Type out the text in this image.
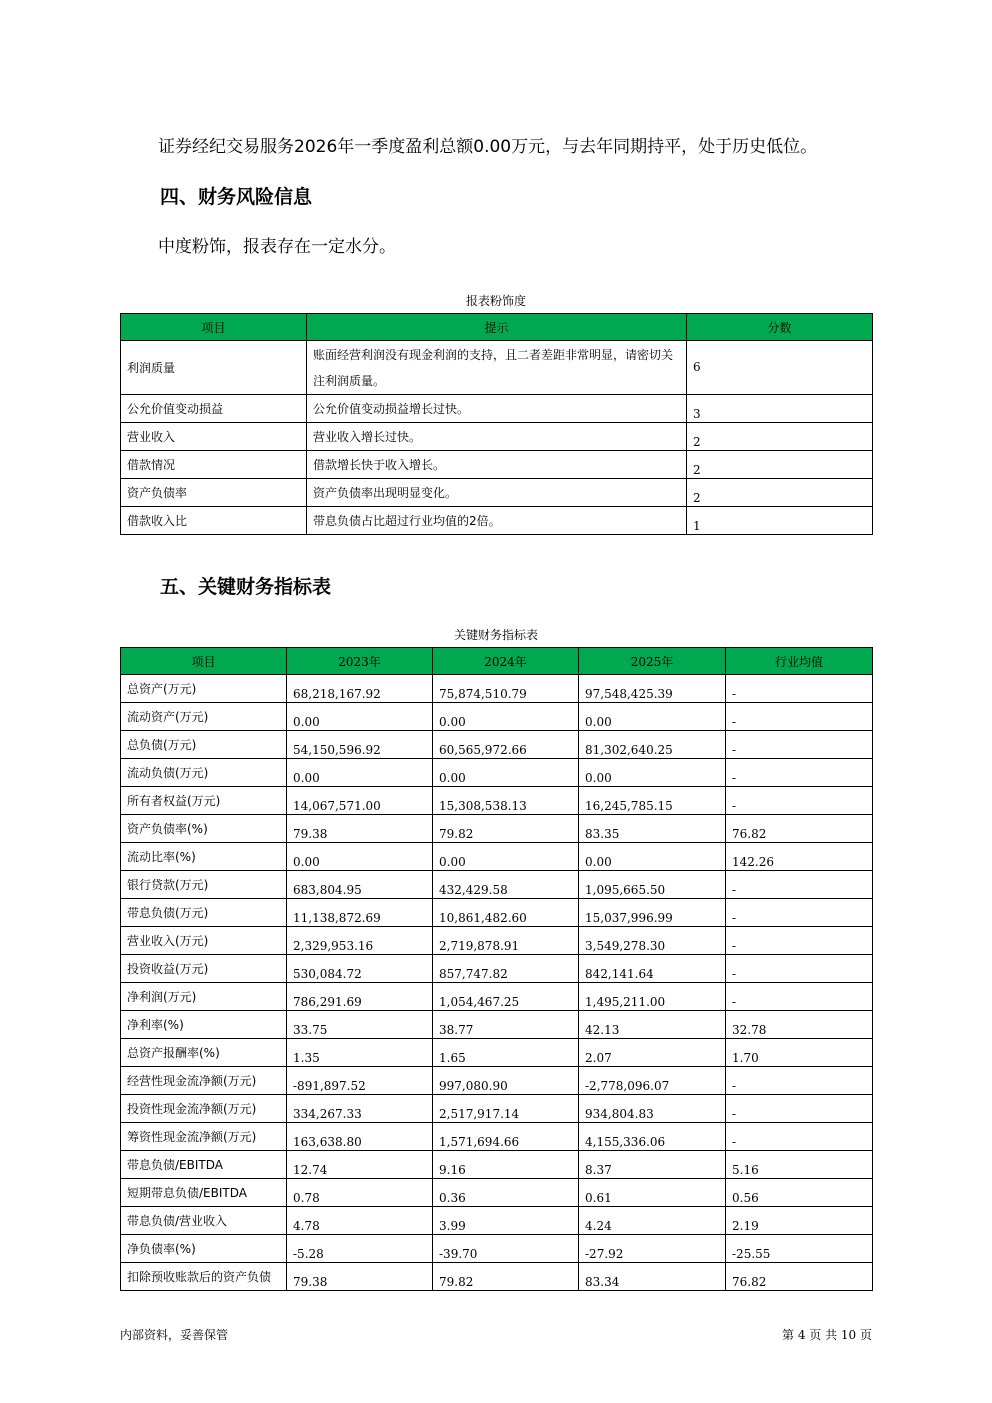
证券经纪交易服务2026年一季度盈利总额0.00万元，与去年同期持平，处于历史低位。
四、财务风险信息
中度粉饰，报表存在一定水分。
报表粉饰度
项目	提示	分数
利润质量	账面经营利润没有现金利润的支持，且二者差距非常明显，请密切关注利润质量。	6
公允价值变动损益	公允价值变动损益增长过快。	3
营业收入	营业收入增长过快。	2
借款情况	借款增长快于收入增长。	2
资产负债率	资产负债率出现明显变化。	2
借款收入比	带息负债占比超过行业均值的2倍。	1
五、关键财务指标表
关键财务指标表
项目	2023年	2024年	2025年	行业均值
总资产(万元)	68,218,167.92	75,874,510.79	97,548,425.39	-
流动资产(万元)	0.00	0.00	0.00	-
总负债(万元)	54,150,596.92	60,565,972.66	81,302,640.25	-
流动负债(万元)	0.00	0.00	0.00	-
所有者权益(万元)	14,067,571.00	15,308,538.13	16,245,785.15	-
资产负债率(%)	79.38	79.82	83.35	76.82
流动比率(%)	0.00	0.00	0.00	142.26
银行贷款(万元)	683,804.95	432,429.58	1,095,665.50	-
带息负债(万元)	11,138,872.69	10,861,482.60	15,037,996.99	-
营业收入(万元)	2,329,953.16	2,719,878.91	3,549,278.30	-
投资收益(万元)	530,084.72	857,747.82	842,141.64	-
净利润(万元)	786,291.69	1,054,467.25	1,495,211.00	-
净利率(%)	33.75	38.77	42.13	32.78
总资产报酬率(%)	1.35	1.65	2.07	1.70
经营性现金流净额(万元)	-891,897.52	997,080.90	-2,778,096.07	-
投资性现金流净额(万元)	334,267.33	2,517,917.14	934,804.83	-
筹资性现金流净额(万元)	163,638.80	1,571,694.66	4,155,336.06	-
带息负债/EBITDA	12.74	9.16	8.37	5.16
短期带息负债/EBITDA	0.78	0.36	0.61	0.56
带息负债/营业收入	4.78	3.99	4.24	2.19
净负债率(%)	-5.28	-39.70	-27.92	-25.55
扣除预收账款后的资产负债	79.38	79.82	83.34	76.82
内部资料，妥善保管	第 4 页 共 10 页
